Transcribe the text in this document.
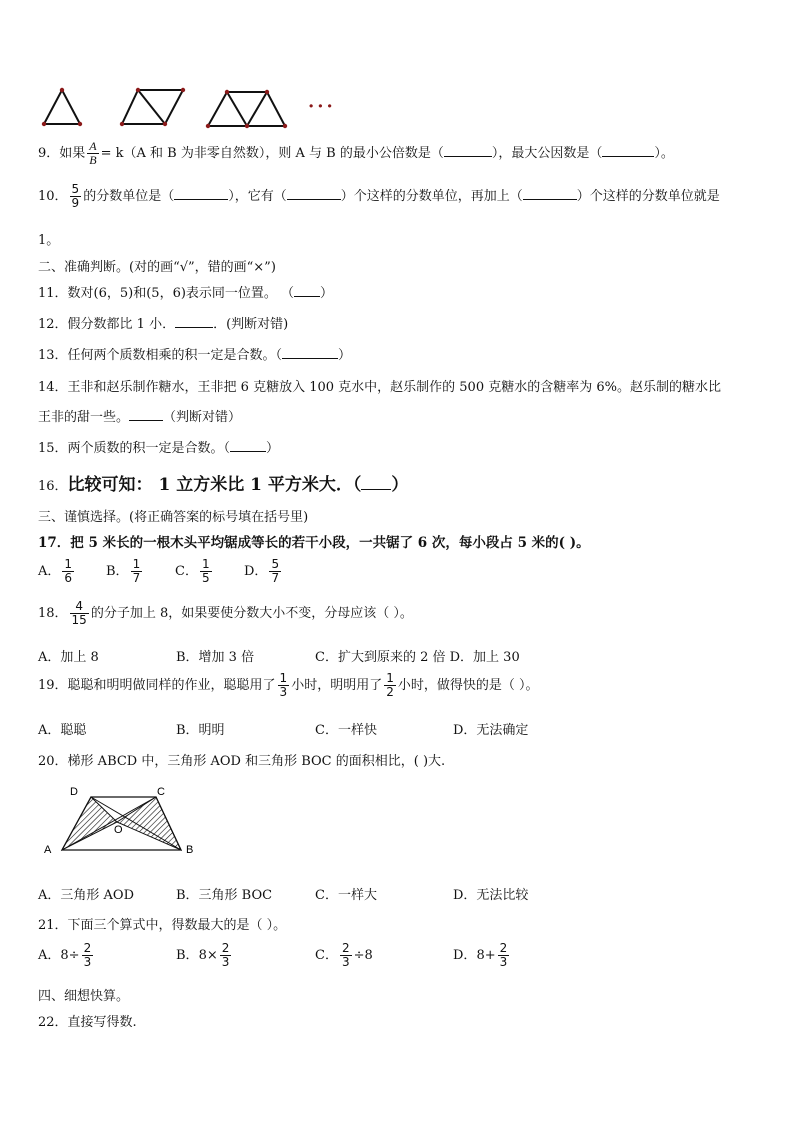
···
9．如果 $\frac{A}{B} = k(A$ 和 B 为非零自然数），则 A 与 B 的最小公倍数是（	），最大公因数是（	）。
10． $\frac{5}{9}$ 的分数单位是（	），它有（	）个这样的分数单位，再加上（	）个这样的分数单位就是
1。
二、准确判断。(对的画“√”，错的画“×”)
11．数对(6，5)和(5，6)表示同一位置。 （ ）
12．假分数都比 1 小．	．(判断对错)
13．任何两个质数相乘的积一定是合数。（	）
14．王非和赵乐制作糖水，王非把 6 克糖放入 100 克水中，赵乐制作的 500 克糖水的含糖率为 6%。赵乐制的糖水比
王非的甜一些。	（判断对错）
15．两个质数的积一定是合数。（	）
16．比较可知： 1 立方米比 1 平方米大．（ ）
三、谨慎选择。(将正确答案的标号填在括号里)
17．把 5 米长的一根木头平均锯成等长的若干小段，一共锯了 6 次，每小段占 5 米的( )。
A． $\frac{1}{6}$ B． $\frac{1}{7}$	C． $\frac{1}{5}$ D． $\frac{5}{7}$
18． $\frac{4}{15}$ 的分子加上 8，如果要使分数大小不变，分母应该（ ）。
A．加上 8	B．增加 3 倍	C．扩大到原来的 2 倍 D．加上 30
19．聪聪和明明做同样的作业，聪聪用了 $\frac{1}{3}$ 小时，明明用了 $\frac{1}{2}$ 小时，做得快的是（ ）。
A．聪聪	B．明明	C．一样快	D．无法确定
20．梯形 ABCD 中，三角形 AOD 和三角形 BOC 的面积相比，( )大.
D	C
A	B
O
A．三角形 AOD	B．三角形 BOC	C．一样大	D．无法比较
21．下面三个算式中，得数最大的是（ ）。
A．$8\div \frac{2}{3}$	B．$8\times \frac{2}{3}$	C． $\frac{2}{3} \div 8$	D．$8+ \frac{2}{3}$
四、细想快算。
22．直接写得数.
